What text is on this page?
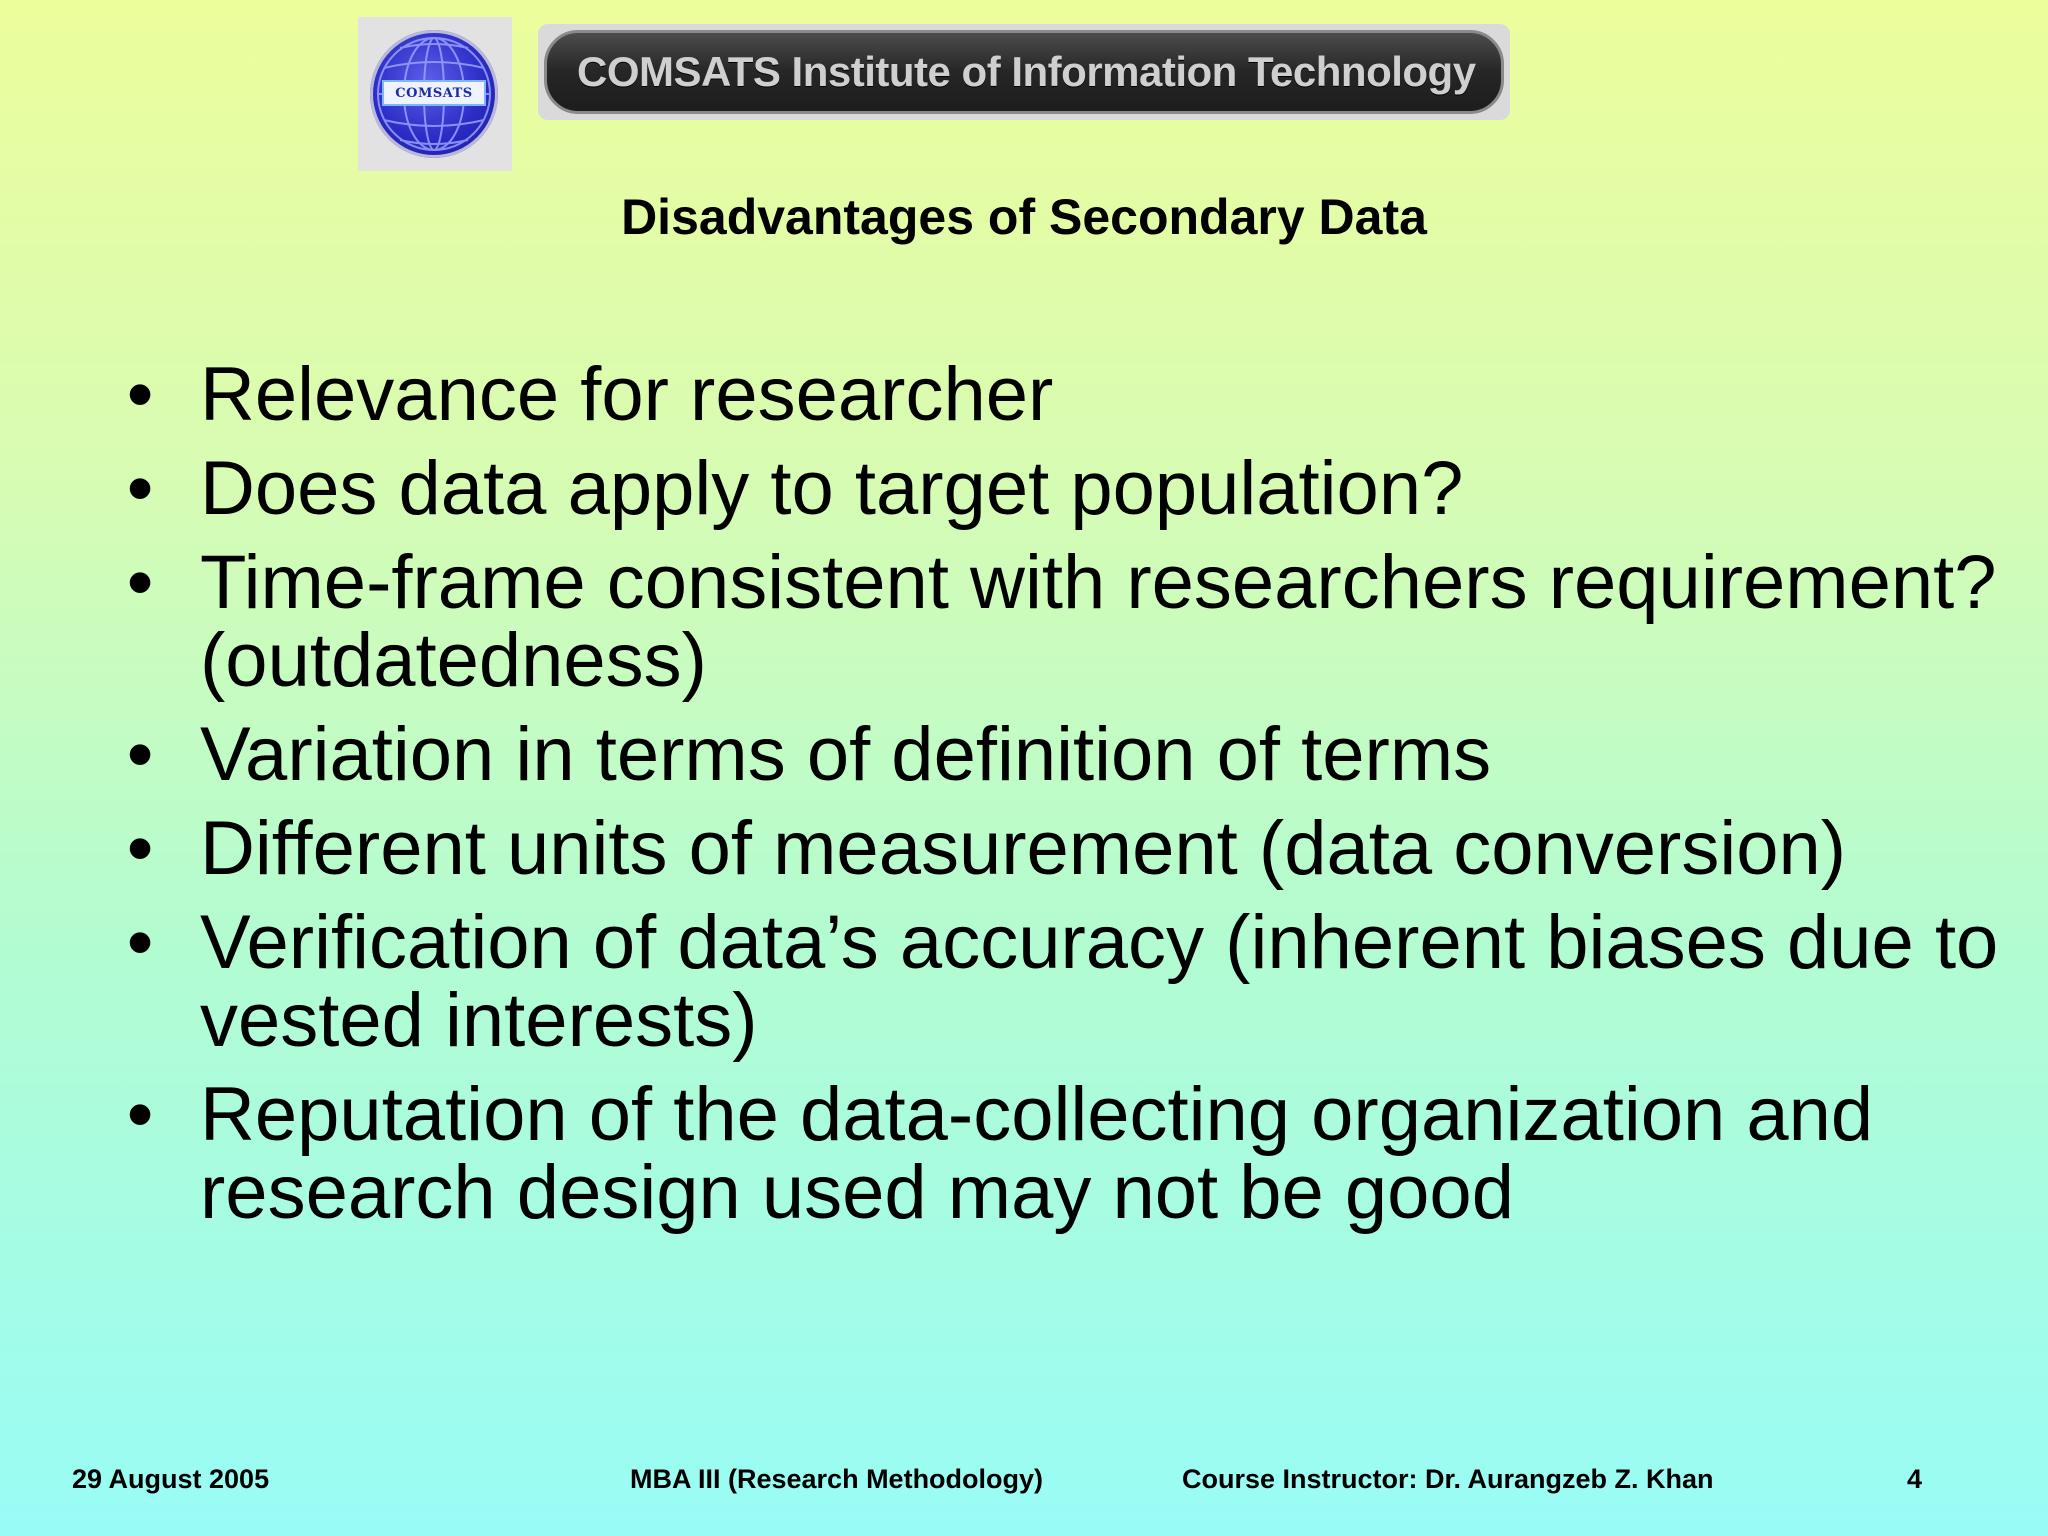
COMSATS	COMSATS Institute of Information Technology
Disadvantages of Secondary Data
• Relevance for researcher
• Does data apply to target population?
• Time-frame consistent with researchers requirement? (outdatedness)
• Variation in terms of definition of terms
• Different units of measurement (data conversion)
• Verification of data’s accuracy (inherent biases due to vested interests)
• Reputation of the data-collecting organization and research design used may not be good
29 August 2005	MBA III (Research Methodology)	Course Instructor: Dr. Aurangzeb Z. Khan	4
